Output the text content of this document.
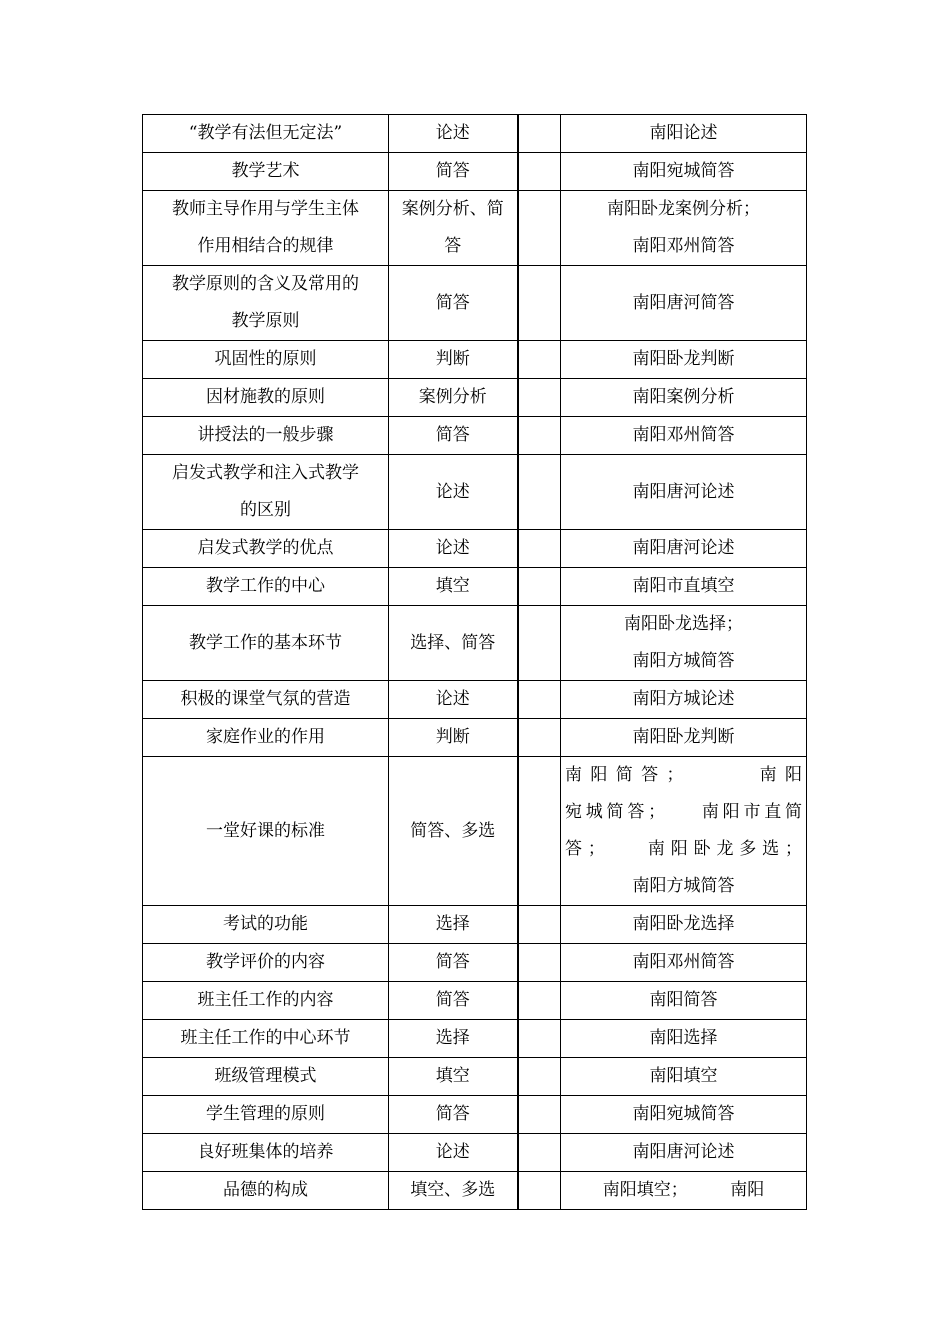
“教学有法但无定法”	论述		南阳论述

教学艺术	简答		南阳宛城简答

教师主导作用与学生主体
作用相结合的规律	案例分析、简
答		南阳卧龙案例分析；
南阳邓州简答

教学原则的含义及常用的
教学原则	简答		南阳唐河简答

巩固性的原则	判断		南阳卧龙判断

因材施教的原则	案例分析		南阳案例分析

讲授法的一般步骤	简答		南阳邓州简答

启发式教学和注入式教学
的区别	论述		南阳唐河论述

启发式教学的优点	论述		南阳唐河论述

教学工作的中心	填空		南阳市直填空

教学工作的基本环节	选择、简答		南阳卧龙选择；
南阳方城简答

积极的课堂气氛的营造	论述		南阳方城论述

家庭作业的作用	判断		南阳卧龙判断

一堂好课的标准	简答、多选		南阳简答；　　　南阳
宛城简答；　　南阳市直简
答；　　南阳卧龙多选；
南阳方城简答

考试的功能	选择		南阳卧龙选择

教学评价的内容	简答		南阳邓州简答

班主任工作的内容	简答		南阳简答

班主任工作的中心环节	选择		南阳选择

班级管理模式	填空		南阳填空

学生管理的原则	简答		南阳宛城简答

良好班集体的培养	论述		南阳唐河论述

品德的构成	填空、多选		南阳填空；　　　南阳
